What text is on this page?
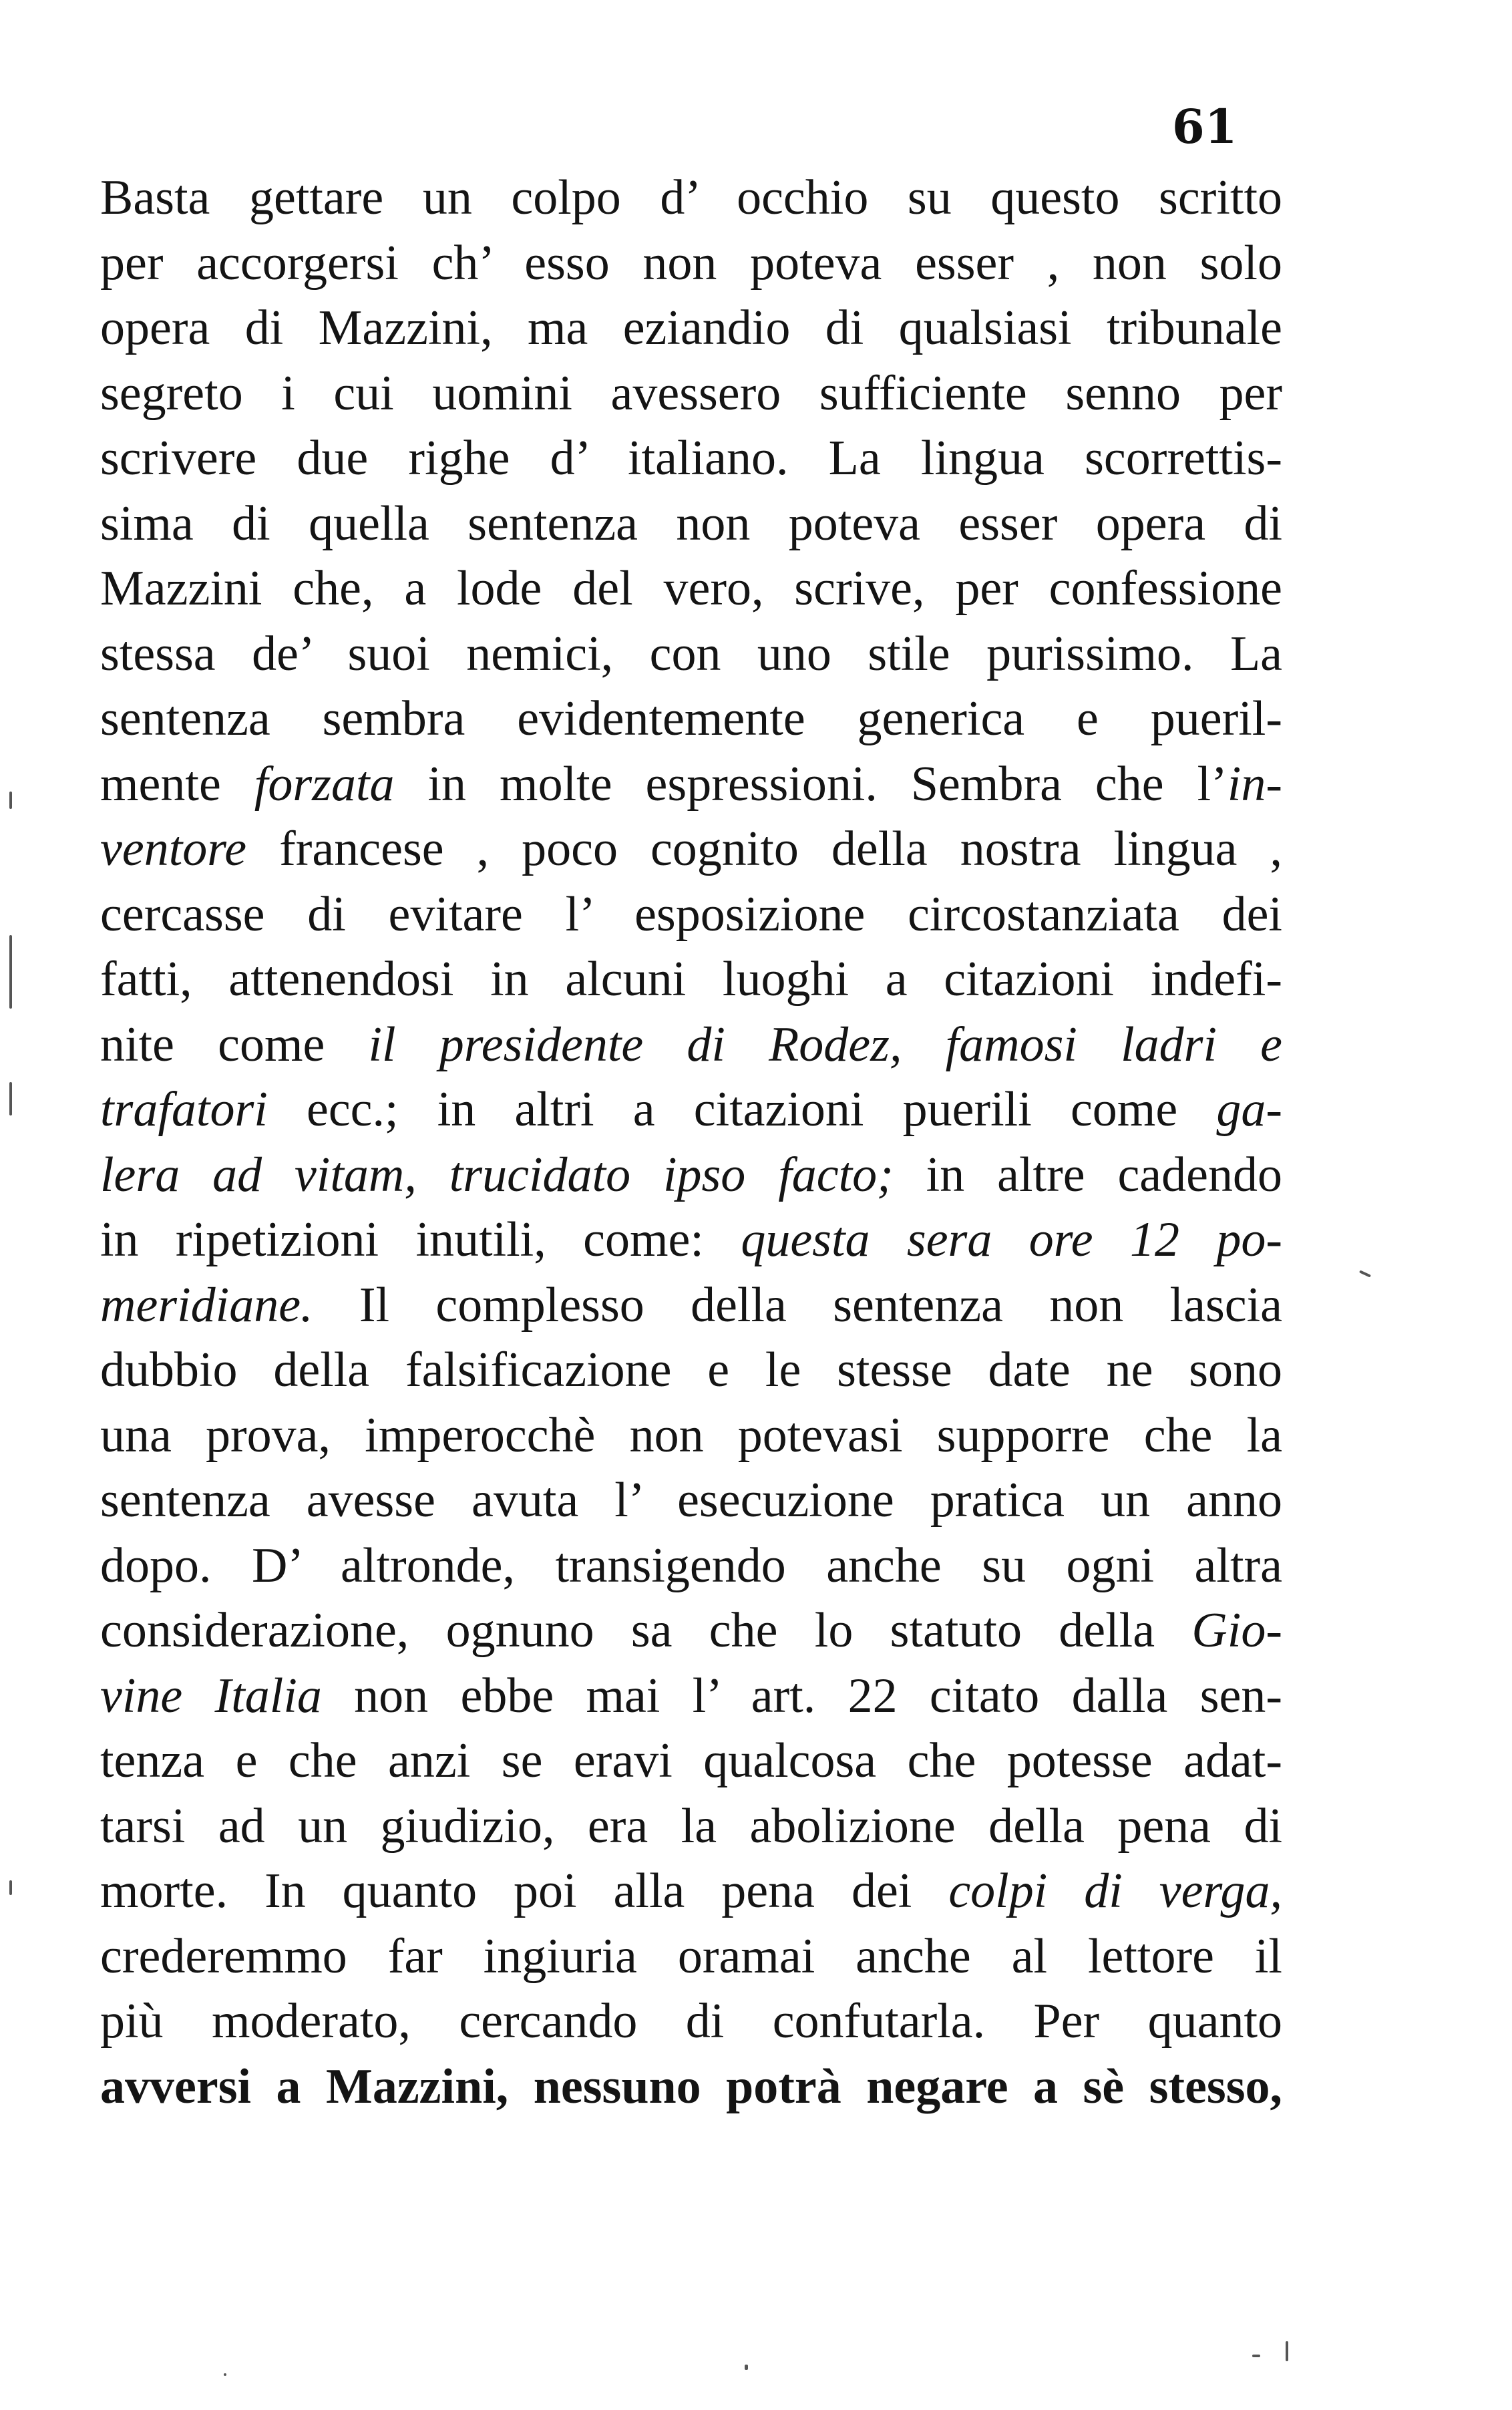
61
Basta gettare un colpo d’ occhio su questo scritto
per accorgersi ch’ esso non poteva esser , non solo
opera di Mazzini, ma eziandio di qualsiasi tribunale
segreto i cui uomini avessero sufficiente senno per
scrivere due righe d’ italiano. La lingua scorrettis-
sima di quella sentenza non poteva esser opera di
Mazzini che, a lode del vero, scrive, per confessione
stessa de’ suoi nemici, con uno stile purissimo. La
sentenza sembra evidentemente generica e pueril-
mente forzata in molte espressioni. Sembra che l’in-
ventore francese , poco cognito della nostra lingua ,
cercasse di evitare l’ esposizione circostanziata dei
fatti, attenendosi in alcuni luoghi a citazioni indefi-
nite come il presidente di Rodez, famosi ladri e
trafatori ecc.; in altri a citazioni puerili come ga-
lera ad vitam, trucidato ipso facto; in altre cadendo
in ripetizioni inutili, come: questa sera ore 12 po-
meridiane. Il complesso della sentenza non lascia
dubbio della falsificazione e le stesse date ne sono
una prova, imperocchè non potevasi supporre che la
sentenza avesse avuta l’ esecuzione pratica un anno
dopo. D’ altronde, transigendo anche su ogni altra
considerazione, ognuno sa che lo statuto della Gio-
vine Italia non ebbe mai l’ art. 22 citato dalla sen-
tenza e che anzi se eravi qualcosa che potesse adat-
tarsi ad un giudizio, era la abolizione della pena di
morte. In quanto poi alla pena dei colpi di verga,
crederemmo far ingiuria oramai anche al lettore il
più moderato, cercando di confutarla. Per quanto
avversi a Mazzini, nessuno potrà negare a sè stesso,
